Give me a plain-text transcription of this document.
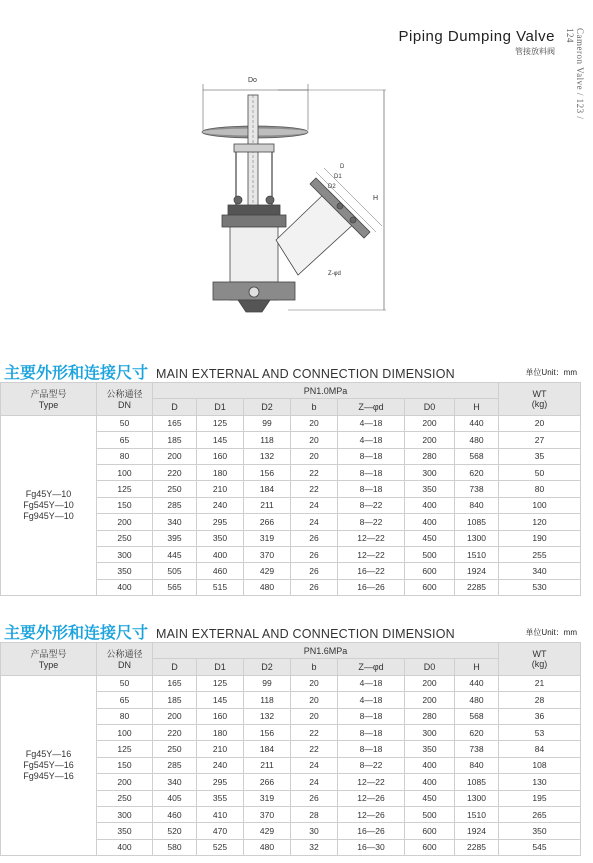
Piping Dumping Valve
管接放料阀	Cameron Valve / 123 / 124
Do
H
Z-φd
D
D1
D2
主要外形和连接尺寸 MAIN EXTERNAL AND CONNECTION DIMENSION	单位Unit：mm
产品型号
Type	公称通径
DN	PN1.0MPa							WT
(kg)

		D	D1	D2	b	Z—φd	D0	H	

Fg45Y—10
Fg545Y—10
Fg945Y—10	50	165	125	99	20	4—18	200	440	20
	65	185	145	118	20	4—18	200	480	27
	80	200	160	132	20	8—18	280	568	35
	100	220	180	156	22	8—18	300	620	50
	125	250	210	184	22	8—18	350	738	80
	150	285	240	211	24	8—22	400	840	100
	200	340	295	266	24	8—22	400	1085	120
	250	395	350	319	26	12—22	450	1300	190
	300	445	400	370	26	12—22	500	1510	255
	350	505	460	429	26	16—22	600	1924	340
	400	565	515	480	26	16—26	600	2285	530
主要外形和连接尺寸 MAIN EXTERNAL AND CONNECTION DIMENSION	单位Unit：mm
产品型号
Type	公称通径
DN	PN1.6MPa							WT
(kg)

		D	D1	D2	b	Z—φd	D0	H	

Fg45Y—16
Fg545Y—16
Fg945Y—16	50	165	125	99	20	4—18	200	440	21
	65	185	145	118	20	4—18	200	480	28
	80	200	160	132	20	8—18	280	568	36
	100	220	180	156	22	8—18	300	620	53
	125	250	210	184	22	8—18	350	738	84
	150	285	240	211	24	8—22	400	840	108
	200	340	295	266	24	12—22	400	1085	130
	250	405	355	319	26	12—26	450	1300	195
	300	460	410	370	28	12—26	500	1510	265
	350	520	470	429	30	16—26	600	1924	350
	400	580	525	480	32	16—30	600	2285	545
